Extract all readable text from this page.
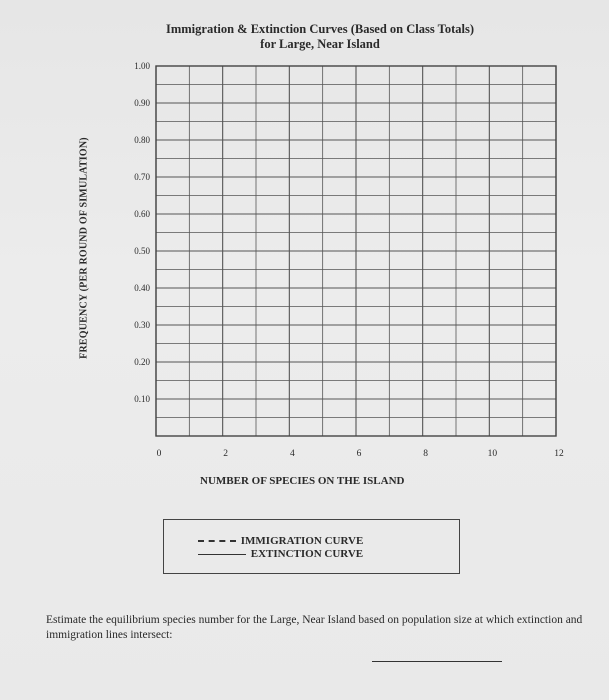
Immigration & Extinction Curves (Based on Class Totals)
for Large, Near Island
FREQUENCY (PER ROUND OF SIMULATION)
0.10
0.20
0.30
0.40
0.50
0.60
0.70
0.80
0.90
1.00
0	2	4	6	8	10	12
NUMBER OF SPECIES ON THE ISLAND
IMMIGRATION CURVE
EXTINCTION CURVE
Estimate the equilibrium species number for the Large, Near Island based on population size at which extinction and immigration lines intersect:
